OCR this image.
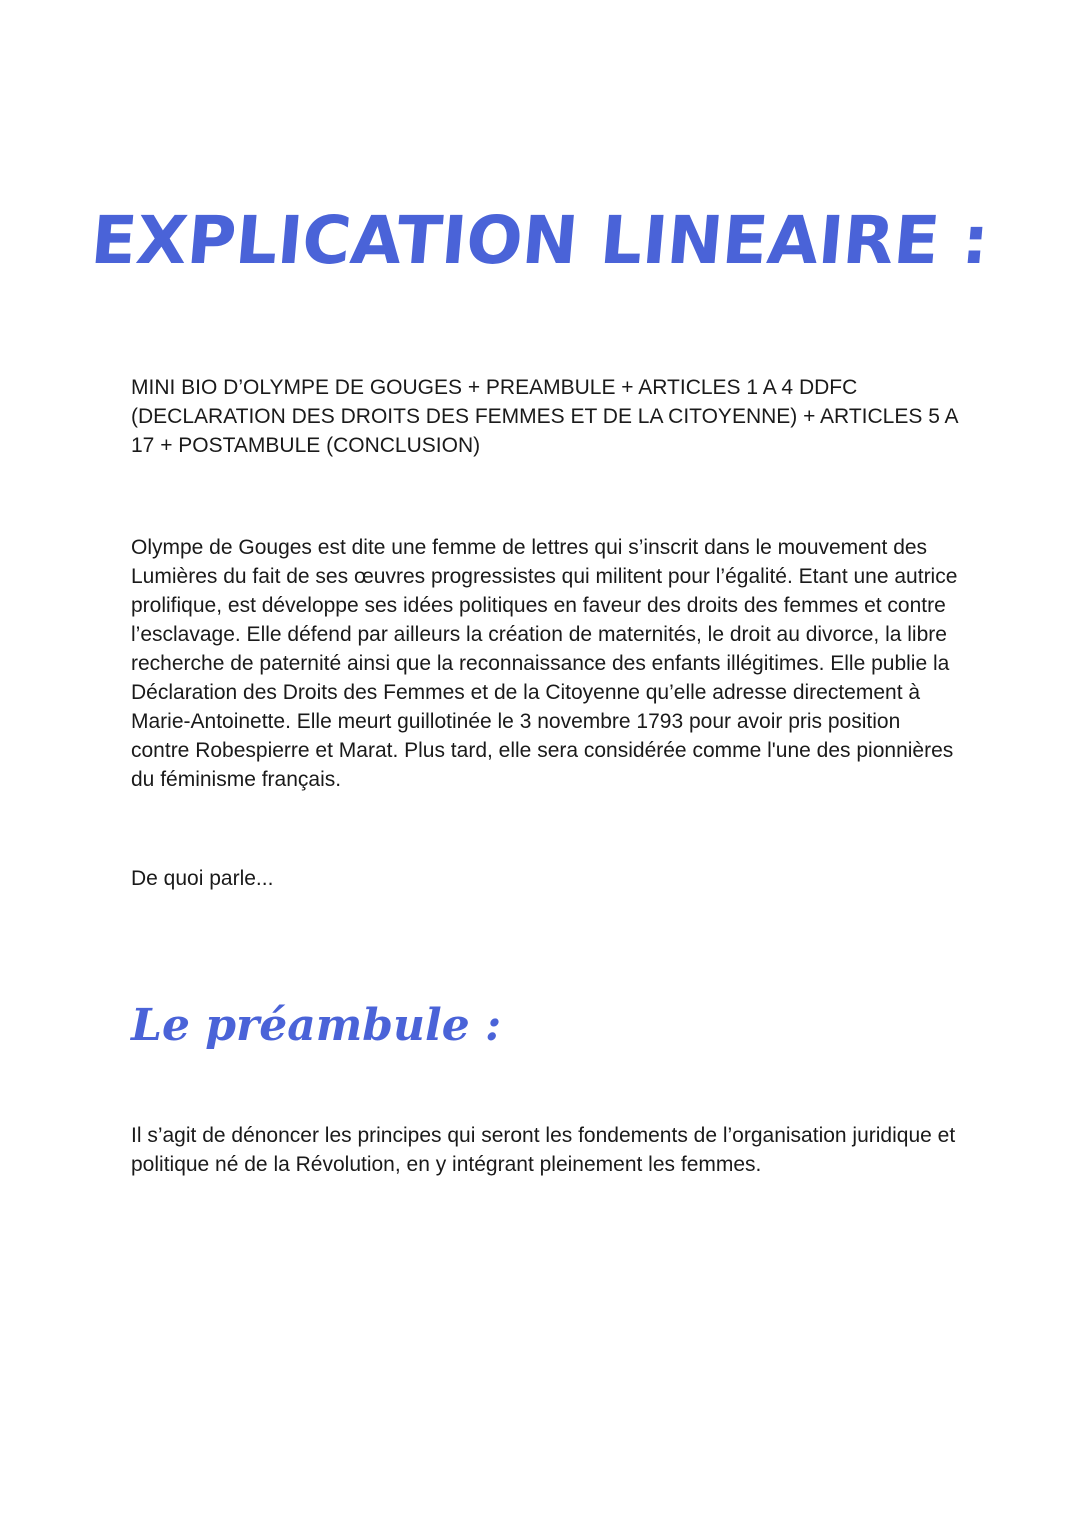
EXPLICATION LINEAIRE :

MINI BIO D’OLYMPE DE GOUGES + PREAMBULE + ARTICLES 1 A 4 DDFC (DECLARATION DES DROITS DES FEMMES ET DE LA CITOYENNE) + ARTICLES 5 A 17 + POSTAMBULE (CONCLUSION)

Olympe de Gouges est dite une femme de lettres qui s’inscrit dans le mouvement des Lumières du fait de ses œuvres progressistes qui militent pour l’égalité. Etant une autrice prolifique, est développe ses idées politiques en faveur des droits des femmes et contre l’esclavage. Elle défend par ailleurs la création de maternités, le droit au divorce, la libre recherche de paternité ainsi que la reconnaissance des enfants illégitimes. Elle publie la Déclaration des Droits des Femmes et de la Citoyenne qu’elle adresse directement à Marie-Antoinette. Elle meurt guillotinée le 3 novembre 1793 pour avoir pris position contre Robespierre et Marat. Plus tard, elle sera considérée comme l'une des pionnières du féminisme français.

De quoi parle...

Le préambule :

Il s’agit de dénoncer les principes qui seront les fondements de l’organisation juridique et politique né de la Révolution, en y intégrant pleinement les femmes.
